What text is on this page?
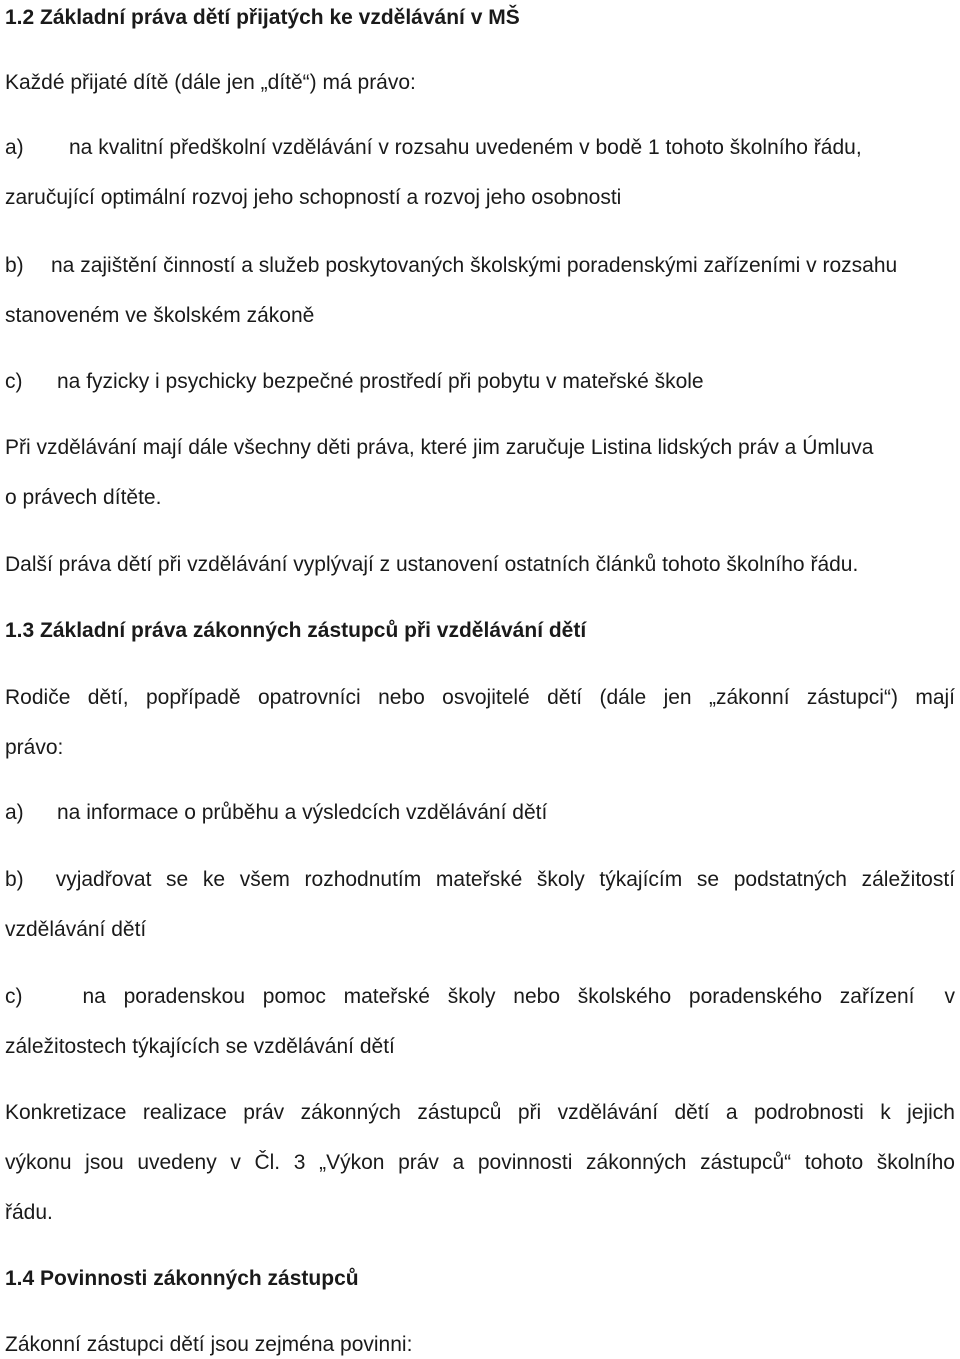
1.2 Základní práva dětí přijatých ke vzdělávání v MŠ
Každé přijaté dítě (dále jen „dítě“) má právo:
a) na kvalitní předškolní vzdělávání v rozsahu uvedeném v bodě 1 tohoto školního řádu,
zaručující optimální rozvoj jeho schopností a rozvoj jeho osobnosti
b) na zajištění činností a služeb poskytovaných školskými poradenskými zařízeními v rozsahu
stanoveném ve školském zákoně
c) na fyzicky i psychicky bezpečné prostředí při pobytu v mateřské škole
Při vzdělávání mají dále všechny děti práva, které jim zaručuje Listina lidských práv a Úmluva
o právech dítěte.
Další práva dětí při vzdělávání vyplývají z ustanovení ostatních článků tohoto školního řádu.
1.3 Základní práva zákonných zástupců při vzdělávání dětí
Rodiče dětí, popřípadě opatrovníci nebo osvojitelé dětí (dále jen „zákonní zástupci“) mají
právo:
a) na informace o průběhu a výsledcích vzdělávání dětí
b) vyjadřovat se ke všem rozhodnutím mateřské školy týkajícím se podstatných záležitostí
vzdělávání dětí
c)	na poradenskou pomoc mateřské školy nebo školského poradenského zařízení v
záležitostech týkajících se vzdělávání dětí
Konkretizace realizace práv zákonných zástupců při vzdělávání dětí a podrobnosti k jejich
výkonu jsou uvedeny v Čl. 3 „Výkon práv a povinnosti zákonných zástupců“ tohoto školního
řádu.
1.4 Povinnosti zákonných zástupců
Zákonní zástupci dětí jsou zejména povinni:
